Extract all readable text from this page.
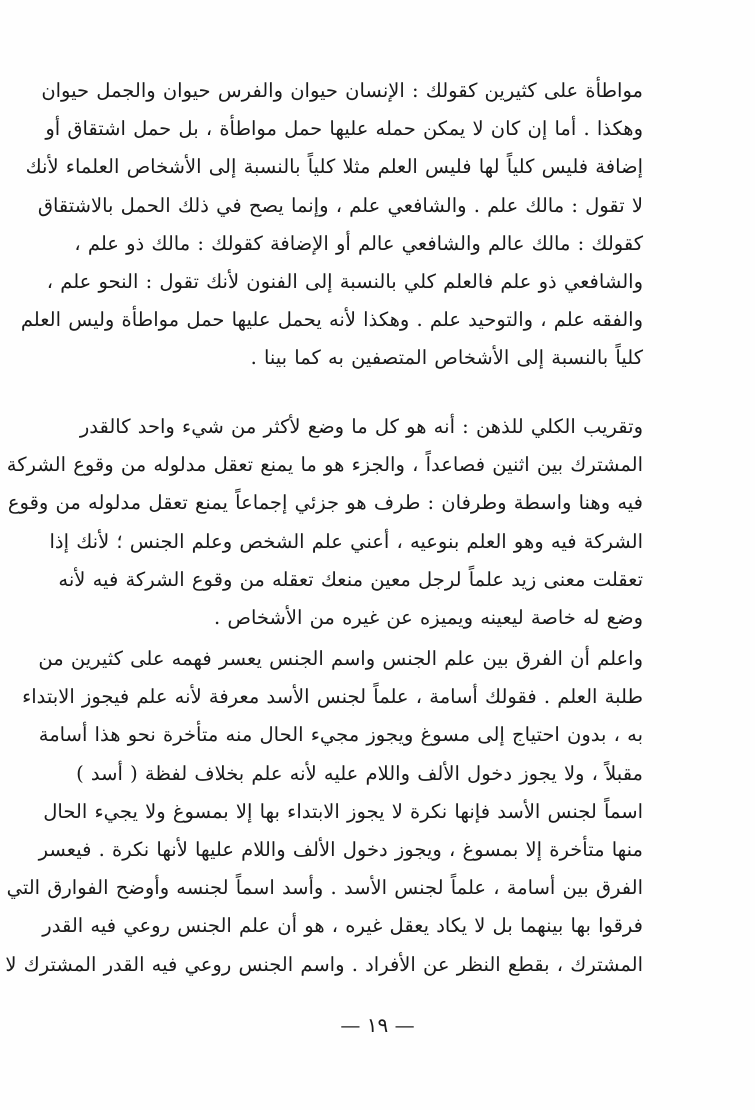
مواطأة على كثيرين كقولك : الإنسان حيوان والفرس حيوان والجمل حيوان
وهكذا . أما إن كان لا يمكن حمله عليها حمل مواطأة ، بل حمل اشتقاق أو
إضافة فليس كلياً لها فليس العلم مثلا كلياً بالنسبة إلى الأشخاص العلماء لأنك
لا تقول : مالك علم . والشافعي علم ، وإنما يصح في ذلك الحمل بالاشتقاق
كقولك : مالك عالم والشافعي عالم أو الإضافة كقولك : مالك ذو علم ،
والشافعي ذو علم فالعلم كلي بالنسبة إلى الفنون لأنك تقول : النحو علم ،
والفقه علم ، والتوحيد علم . وهكذا لأنه يحمل عليها حمل مواطأة وليس العلم
كلياً بالنسبة إلى الأشخاص المتصفين به كما بينا .

وتقريب الكلي للذهن : أنه هو كل ما وضع لأكثر من شيء واحد كالقدر
المشترك بين اثنين فصاعداً ، والجزء هو ما يمنع تعقل مدلوله من وقوع الشركة
فيه وهنا واسطة وطرفان : طرف هو جزئي إجماعاً يمنع تعقل مدلوله من وقوع
الشركة فيه وهو العلم بنوعيه ، أعني علم الشخص وعلم الجنس ؛ لأنك إذا
تعقلت معنى زيد علماً لرجل معين منعك تعقله من وقوع الشركة فيه لأنه
وضع له خاصة ليعينه ويميزه عن غيره من الأشخاص .

واعلم أن الفرق بين علم الجنس واسم الجنس يعسر فهمه على كثيرين من
طلبة العلم . فقولك أسامة ، علماً لجنس الأسد معرفة لأنه علم فيجوز الابتداء
به ، بدون احتياج إلى مسوغ ويجوز مجيء الحال منه متأخرة نحو هذا أسامة
مقبلاً ، ولا يجوز دخول الألف واللام عليه لأنه علم بخلاف لفظة ( أسد )
اسماً لجنس الأسد فإنها نكرة لا يجوز الابتداء بها إلا بمسوغ ولا يجيء الحال
منها متأخرة إلا بمسوغ ، ويجوز دخول الألف واللام عليها لأنها نكرة . فيعسر
الفرق بين أسامة ، علماً لجنس الأسد . وأسد اسماً لجنسه وأوضح الفوارق التي
فرقوا بها بينهما بل لا يكاد يعقل غيره ، هو أن علم الجنس روعي فيه القدر
المشترك ، بقطع النظر عن الأفراد . واسم الجنس روعي فيه القدر المشترك لا

— ١٩ —
